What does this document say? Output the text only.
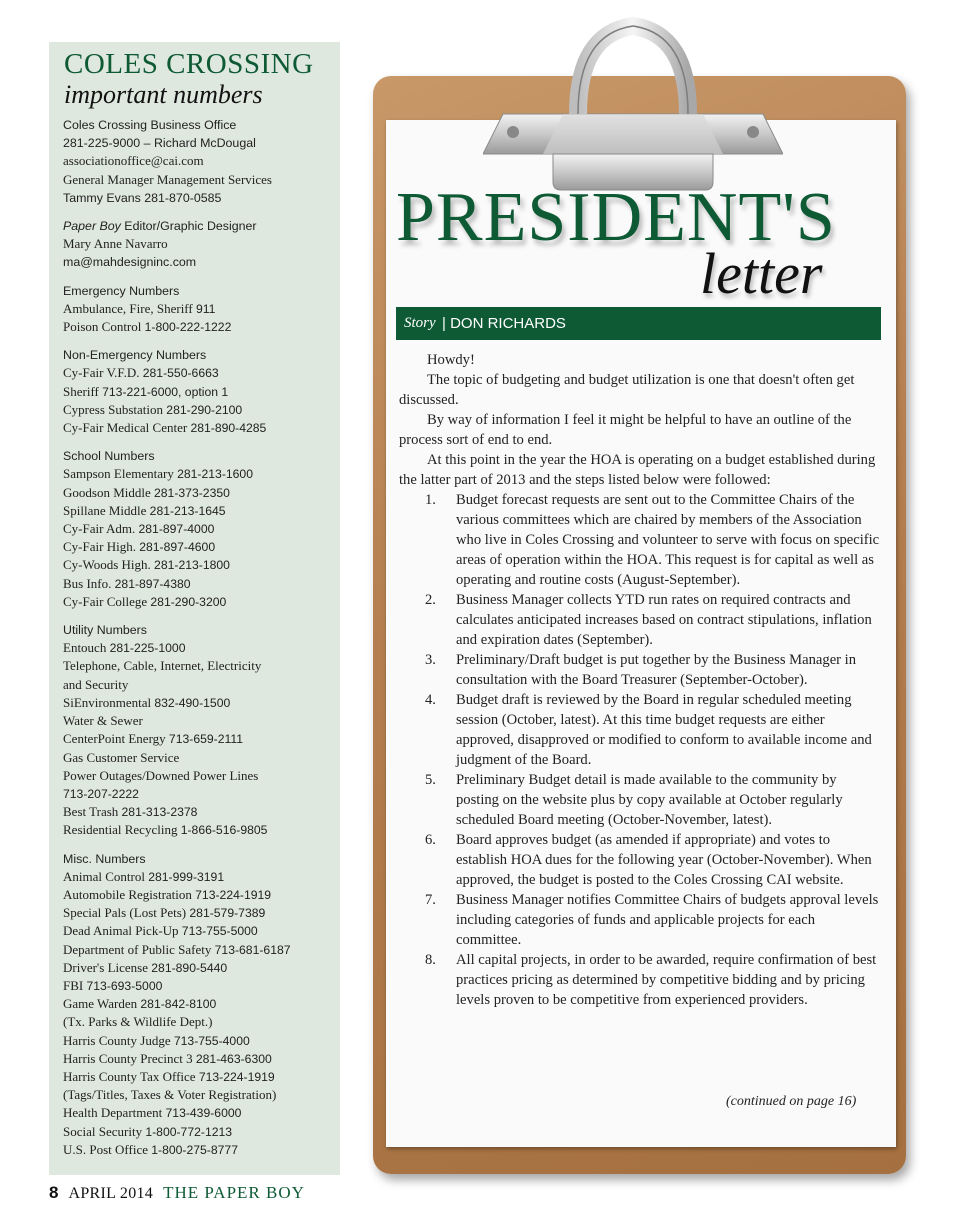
COLES CROSSING
important numbers
Coles Crossing Business Office
281-225-9000 – Richard McDougal
associationoffice@cai.com
General Manager Management Services
Tammy Evans 281-870-0585
Paper Boy Editor/Graphic Designer
Mary Anne Navarro
ma@mahdesigninc.com
Emergency Numbers
Ambulance, Fire, Sheriff 911
Poison Control 1-800-222-1222
Non-Emergency Numbers
Cy-Fair V.F.D. 281-550-6663
Sheriff 713-221-6000, option 1
Cypress Substation 281-290-2100
Cy-Fair Medical Center 281-890-4285
School Numbers
Sampson Elementary 281-213-1600
Goodson Middle 281-373-2350
Spillane Middle 281-213-1645
Cy-Fair Adm. 281-897-4000
Cy-Fair High. 281-897-4600
Cy-Woods High. 281-213-1800
Bus Info. 281-897-4380
Cy-Fair College 281-290-3200
Utility Numbers
Entouch 281-225-1000
Telephone, Cable, Internet, Electricity
and Security
SiEnvironmental 832-490-1500
Water & Sewer
CenterPoint Energy 713-659-2111
Gas Customer Service
Power Outages/Downed Power Lines
713-207-2222
Best Trash 281-313-2378
Residential Recycling 1-866-516-9805
Misc. Numbers
Animal Control 281-999-3191
Automobile Registration 713-224-1919
Special Pals (Lost Pets) 281-579-7389
Dead Animal Pick-Up 713-755-5000
Department of Public Safety 713-681-6187
Driver's License 281-890-5440
FBI 713-693-5000
Game Warden 281-842-8100
(Tx. Parks & Wildlife Dept.)
Harris County Judge 713-755-4000
Harris County Precinct 3 281-463-6300
Harris County Tax Office 713-224-1919
(Tags/Titles, Taxes & Voter Registration)
Health Department 713-439-6000
Social Security 1-800-772-1213
U.S. Post Office 1-800-275-8777
8 APRIL 2014 THE PAPER BOY
PRESIDENT'S
letter
Story | DON RICHARDS

Howdy!

The topic of budgeting and budget utilization is one that doesn't often get discussed.

By way of information I feel it might be helpful to have an outline of the process sort of end to end.

At this point in the year the HOA is operating on a budget established during the latter part of 2013 and the steps listed below were followed:

1. Budget forecast requests are sent out to the Committee Chairs of the various committees which are chaired by members of the Association who live in Coles Crossing and volunteer to serve with focus on specific areas of operation within the HOA. This request is for capital as well as operating and routine costs (August-September).
2. Business Manager collects YTD run rates on required contracts and calculates anticipated increases based on contract stipulations, inflation and expiration dates (September).
3. Preliminary/Draft budget is put together by the Business Manager in consultation with the Board Treasurer (September-October).
4. Budget draft is reviewed by the Board in regular scheduled meeting session (October, latest). At this time budget requests are either approved, disapproved or modified to conform to available income and judgment of the Board.
5. Preliminary Budget detail is made available to the community by posting on the website plus by copy available at October regularly scheduled Board meeting (October-November, latest).
6. Board approves budget (as amended if appropriate) and votes to establish HOA dues for the following year (October-November). When approved, the budget is posted to the Coles Crossing CAI website.
7. Business Manager notifies Committee Chairs of budgets approval levels including categories of funds and applicable projects for each committee.
8. All capital projects, in order to be awarded, require confirmation of best practices pricing as determined by competitive bidding and by pricing levels proven to be competitive from experienced providers.
(continued on page 16)
